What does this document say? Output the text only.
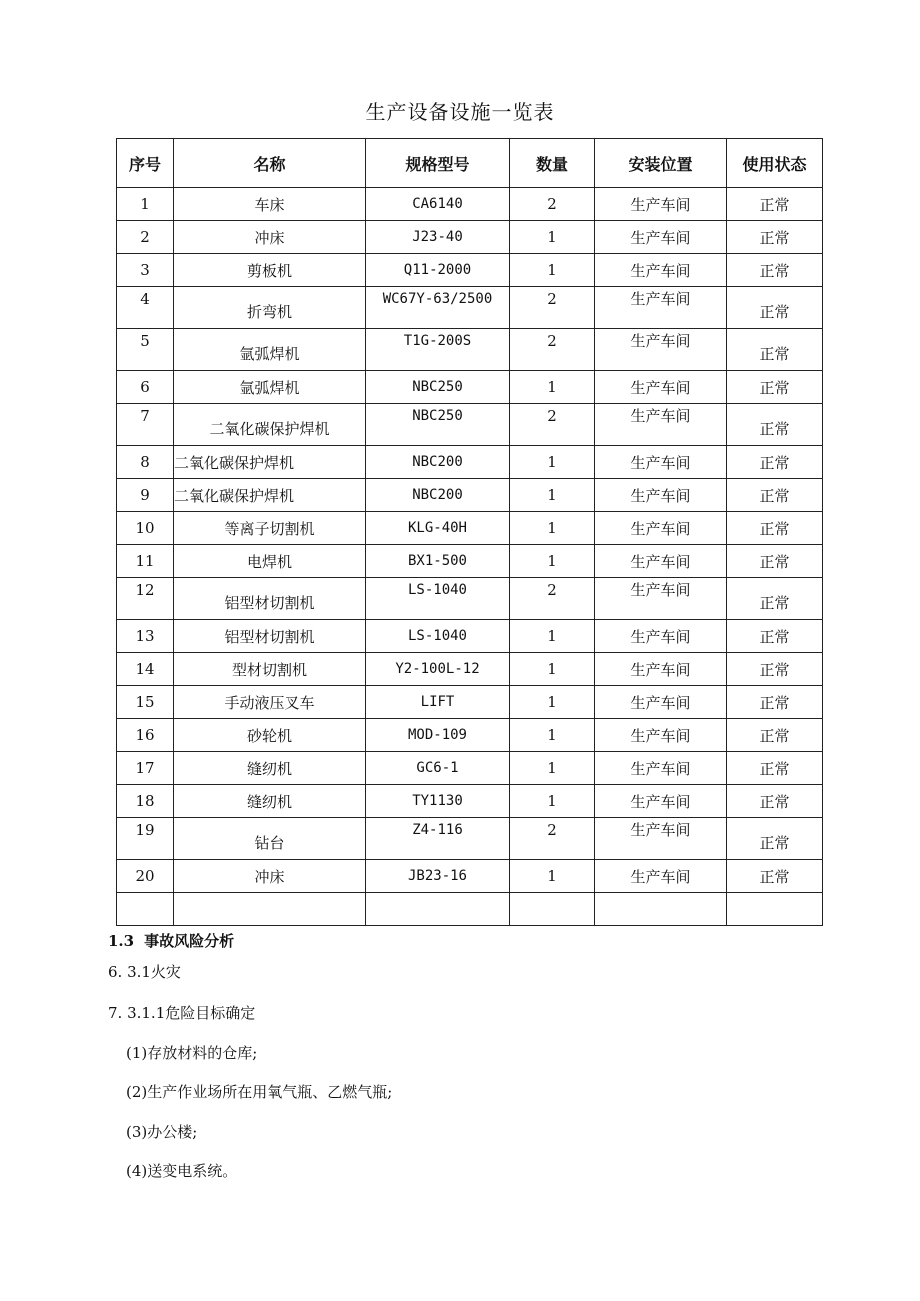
生产设备设施一览表
序号	名称	规格型号	数量	安装位置	使用状态
1	车床	CA6140	2	生产车间	正常
2	冲床	J23-40	1	生产车间	正常
3	剪板机	Q11-2000	1	生产车间	正常
4	折弯机	WC67Y-63/2500	2	生产车间	正常
5	氩弧焊机	T1G-200S	2	生产车间	正常
6	氩弧焊机	NBC250	1	生产车间	正常
7	二氧化碳保护焊机	NBC250	2	生产车间	正常
8	二氧化碳保护焊机	NBC200	1	生产车间	正常
9	二氧化碳保护焊机	NBC200	1	生产车间	正常
10	等离子切割机	KLG-40H	1	生产车间	正常
11	电焊机	BX1-500	1	生产车间	正常
12	铝型材切割机	LS-1040	2	生产车间	正常
13	铝型材切割机	LS-1040	1	生产车间	正常
14	型材切割机	Y2-100L-12	1	生产车间	正常
15	手动液压叉车	LIFT	1	生产车间	正常
16	砂轮机	MOD-109	1	生产车间	正常
17	缝纫机	GC6-1	1	生产车间	正常
18	缝纫机	TY1130	1	生产车间	正常
19	钻台	Z4-116	2	生产车间	正常
20	冲床	JB23-16	1	生产车间	正常

1.3 事故风险分析
6. 3.1火灾
7. 3.1.1危险目标确定
(1)存放材料的仓库;
(2)生产作业场所在用氧气瓶、乙燃气瓶;
(3)办公楼;
(4)送变电系统。
